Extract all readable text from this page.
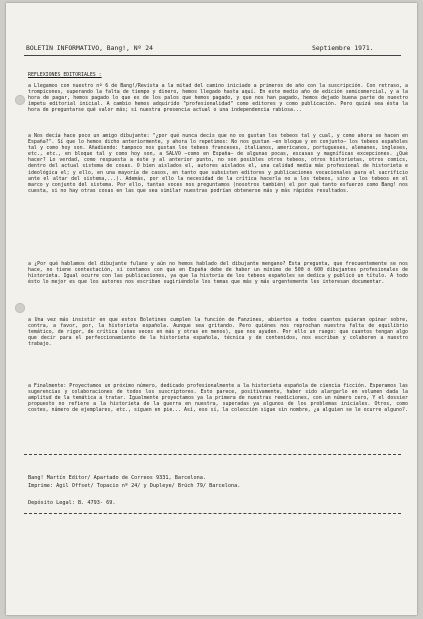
BOLETIN INFORMATIVO, Bang!, Nº 24	Septiembre 1971.
REFLEXIONES EDITORIALES :
a Llegamos con nuestro nº 6 de Bang!/Revista a la mitad del camino iniciado a primeros de año con la suscripción. Con retraso, a trompicones, superando la falta de tiempo y dinero, hemos llegado hasta aquí. En este medio año de edición semicomercial, y a la hora de pagar, hemos pagado lo que es de los palos que hemos pagado, y que nos han pagado, hemos dejado buena parte de nuestro ímpetu editorial inicial. A cambio hemos adquirido "profesionalidad" como editores y como publicación. Pero quizá sea ésta la hora de preguntarse qué valor más; si nuestra presencia actual o una independencia rabiosa...
a Nos decía hace poco un amigo dibujante: "¿por qué nunca decís que no os gustan los tebeos tal y cual, y como ahora se hacen en España?". Sí que lo hemos dicho anteriormente, y ahora lo repetimos: No nos gustan —en bloque y en conjunto— los tebeos españoles tal y como hoy son. Añadiendo: tampoco nos gustan los tebeos franceses, italianos, americanos, portugueses, alemanes, ingleses, etc., etc., en bloque tal y como hoy son, a SALVO —como en España— de algunas pocas, escasas y magníficas excepciones. ¿Qué hacer? Lo verdad, como respuesta a éste y al anterior punto, no son posibles otros tebeos, otros historietas, otros comics, dentro del actual sistema de cosas. O bien aislados el, autores aislados el, una calidad media más profesional de historieta e ideológica el; y ello, en una mayoría de casos, en tanto que subsisten editores y publicaciones vocacionales para el sacrificio ante el altar del sistema,...). Además, por ello la necesidad de la crítica hacerla no a los tebeos, sino a los tebeos en el marco y conjunto del sistema. Por ello, tantas voces nos preguntamos (nosotros también) el por qué tanto esfuerzo como Bang! nos cuesta, si no hay otras cosas en las que sea similar nuestras podrían obtenerse más y más rápidos resultados.
a ¿Por qué hablamos del dibujante fulano y aún no hemos hablado del dibujante mengano? Esta pregunta, que frecuentemente se nos hace, no tiene contestación, si contamos con que en España debe de haber un mínimo de 500 ó 600 dibujantes profesionales de historieta. Igual ocurre con las publicaciones, ya que la historia de los tebeos españoles se dedica y publicó un título. A todo ésto lo mejor es que los autores nos escriban sugiriéndole los temas que más y más urgentemente les interesan documentar.
a Una vez más insistir en que estos Boletines cumplen la función de Fanzines, abiertos a todos cuantos quieran opinar sobre, contra, a favor, por, la historieta española. Aunque sea gritando. Pero quiénes nos reprochan nuestra falta de equilibrio temático, de rigor, de crítica (unas veces en más y otras en menos), que nos ayuden. Por ello un ruego: que cuantos tengan algo que decir para el perfeccionamiento de la historieta española, técnica y de contenidos, nos escriban y colaboren a nuestro trabajo.
a Finalmente: Proyectamos un próximo número, dedicado profesionalmente a la historieta española de ciencia ficción. Esperamos las sugerencias y colaboraciones de todos los suscriptores. Esto parece, positivamente, haber sido alargarlo en volumen dada la amplitud de la temática a tratar. Igualmente proyectamos ya la primera de nuestras reediciones, con un número cero, Y el dossier propuesto no refiere a la historieta de la guerra en nuestra, superadas ya algunos de los problemas iniciales. Otros, como costes, número de ejemplares, etc., siguen en pie... Así, eso sí, la colección sigue sin nombre, ¿a alguien se le ocurre alguno?.
Bang! Martín Editor/ Apartado de Correos 9331, Barcelona.
Imprime: Agil Offset/ Topacio nº 24/ y Dupleye/ Brúch 79/ Barcelona.
Depósito Legal: B. 4793- 69.
